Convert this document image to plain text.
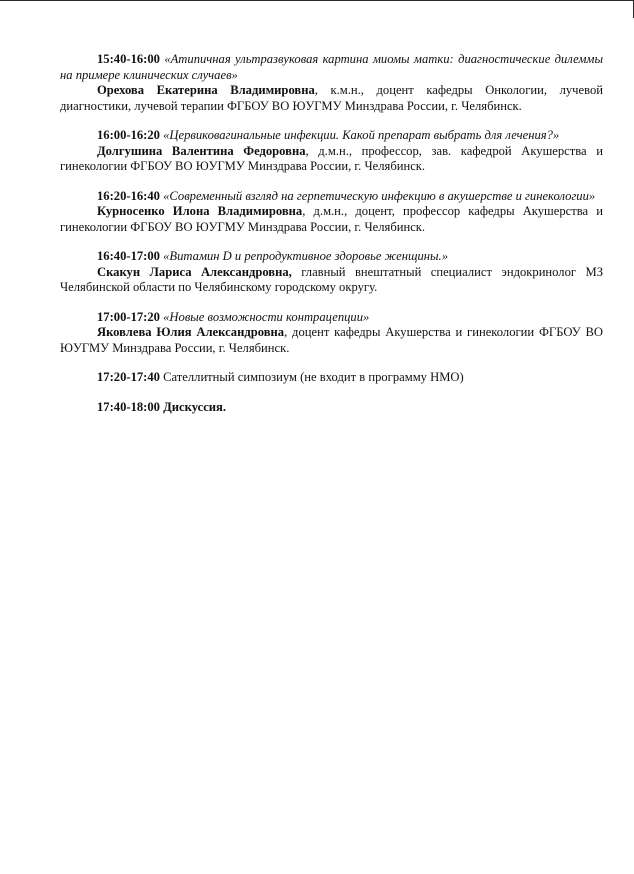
15:40-16:00 «Атипичная ультразвуковая картина миомы матки: диагностические дилеммы на примере клинических случаев»
Орехова Екатерина Владимировна, к.м.н., доцент кафедры Онкологии, лучевой диагностики, лучевой терапии ФГБОУ ВО ЮУГМУ Минздрава России, г. Челябинск.
16:00-16:20 «Цервиковагинальные инфекции. Какой препарат выбрать для лечения?»
Долгушина Валентина Федоровна, д.м.н., профессор, зав. кафедрой Акушерства и гинекологии ФГБОУ ВО ЮУГМУ Минздрава России, г. Челябинск.
16:20-16:40 «Современный взгляд на герпетическую инфекцию в акушерстве и гинекологии»
Курносенко Илона Владимировна, д.м.н., доцент, профессор кафедры Акушерства и гинекологии ФГБОУ ВО ЮУГМУ Минздрава России, г. Челябинск.
16:40-17:00 «Витамин D и репродуктивное здоровье женщины.»
Скакун Лариса Александровна, главный внештатный специалист эндокринолог МЗ Челябинской области по Челябинскому городскому округу.
17:00-17:20 «Новые возможности контрацепции»
Яковлева Юлия Александровна, доцент кафедры Акушерства и гинекологии ФГБОУ ВО ЮУГМУ Минздрава России, г. Челябинск.
17:20-17:40 Сателлитный симпозиум (не входит в программу НМО)
17:40-18:00 Дискуссия.
